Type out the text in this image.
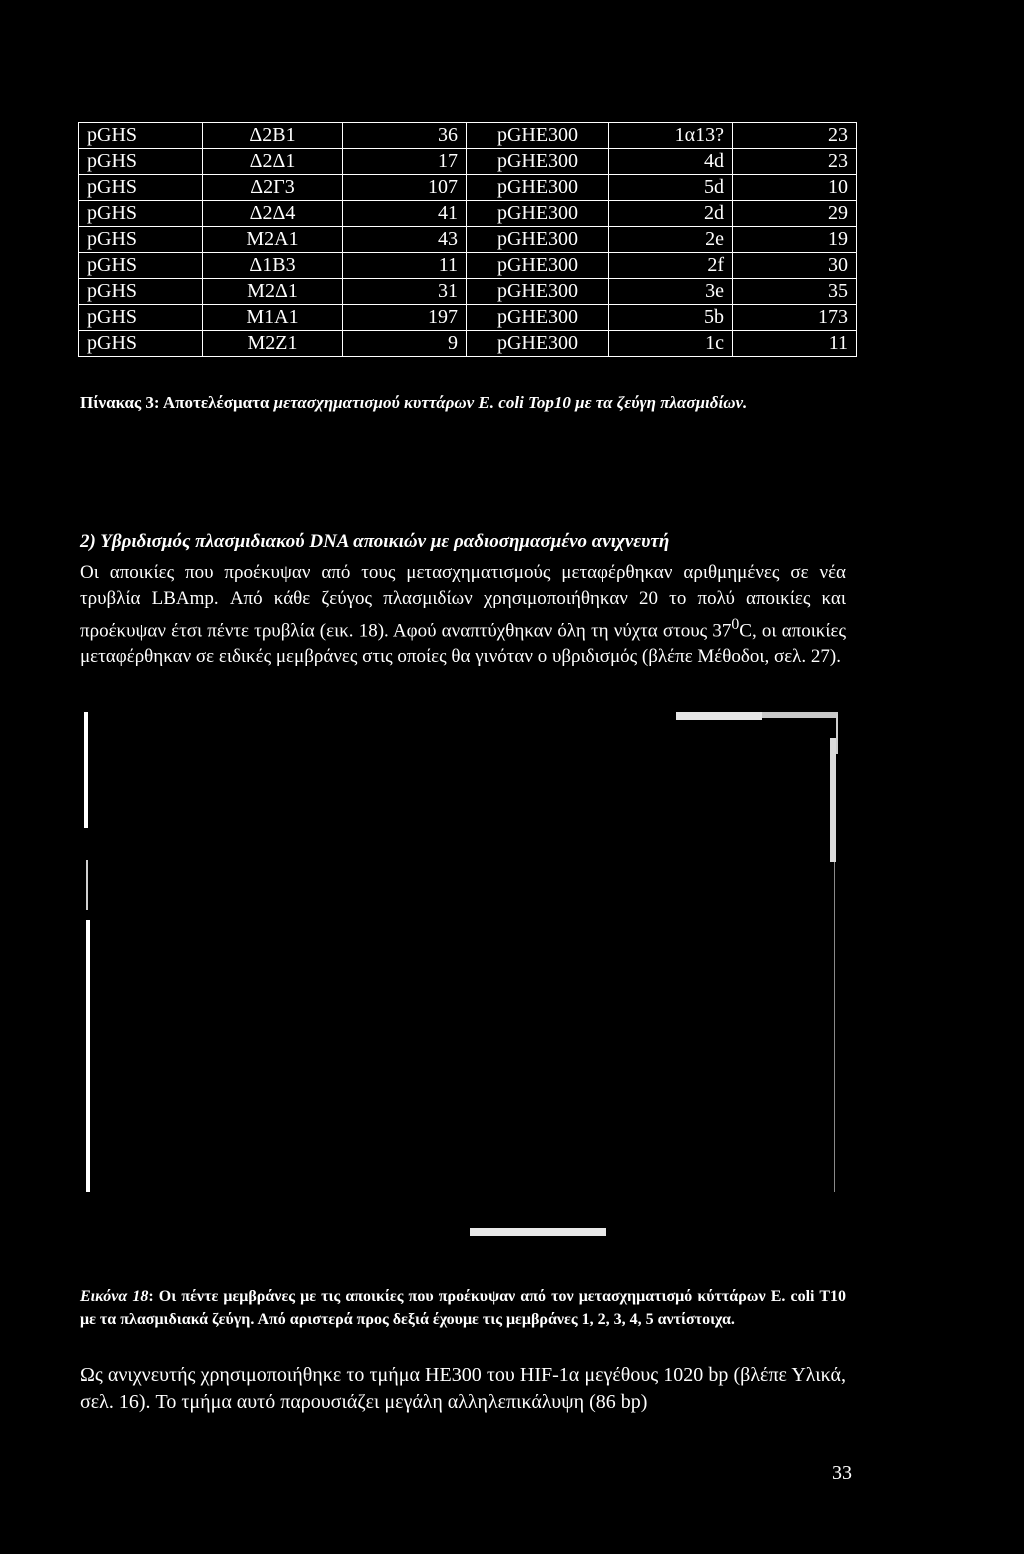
pGHS	Δ2B1	36	pGHE300	1α13?	23
pGHS	Δ2Δ1	17	pGHE300	4d	23
pGHS	Δ2Γ3	107	pGHE300	5d	10
pGHS	Δ2Δ4	41	pGHE300	2d	29
pGHS	M2A1	43	pGHE300	2e	19
pGHS	Δ1B3	11	pGHE300	2f	30
pGHS	M2Δ1	31	pGHE300	3e	35
pGHS	M1A1	197	pGHE300	5b	173
pGHS	M2Z1	9	pGHE300	1c	11
Πίνακας 3: Αποτελέσματα μετασχηματισμού κυττάρων E. coli Top10 με τα ζεύγη πλασμιδίων.
2) Υβριδισμός πλασμιδιακού DNA αποικιών με ραδιοσημασμένο ανιχνευτή

Οι αποικίες που προέκυψαν από τους μετασχηματισμούς μεταφέρθηκαν αριθμημένες σε νέα τρυβλία LBAmp. Από κάθε ζεύγος πλασμιδίων χρησιμοποιήθηκαν 20 το πολύ αποικίες και προέκυψαν έτσι πέντε τρυβλία (εικ. 18). Αφού αναπτύχθηκαν όλη τη νύχτα στους $37^0C$, οι αποικίες μεταφέρθηκαν σε ειδικές μεμβράνες στις οποίες θα γινόταν ο υβριδισμός (βλέπε Μέθοδοι, σελ. 27).

Εικόνα 18: Οι πέντε μεμβράνες με τις αποικίες που προέκυψαν από τον μετασχηματισμό κύττάρων E. coli T10 με τα πλασμιδιακά ζεύγη. Από αριστερά προς δεξιά έχουμε τις μεμβράνες 1, 2, 3, 4, 5 αντίστοιχα.

Ως ανιχνευτής χρησιμοποιήθηκε το τμήμα HE300 του HIF-1α μεγέθους 1020 bp (βλέπε Υλικά, σελ. 16). Το τμήμα αυτό παρουσιάζει μεγάλη αλληλεπικάλυψη (86 bp)

33
